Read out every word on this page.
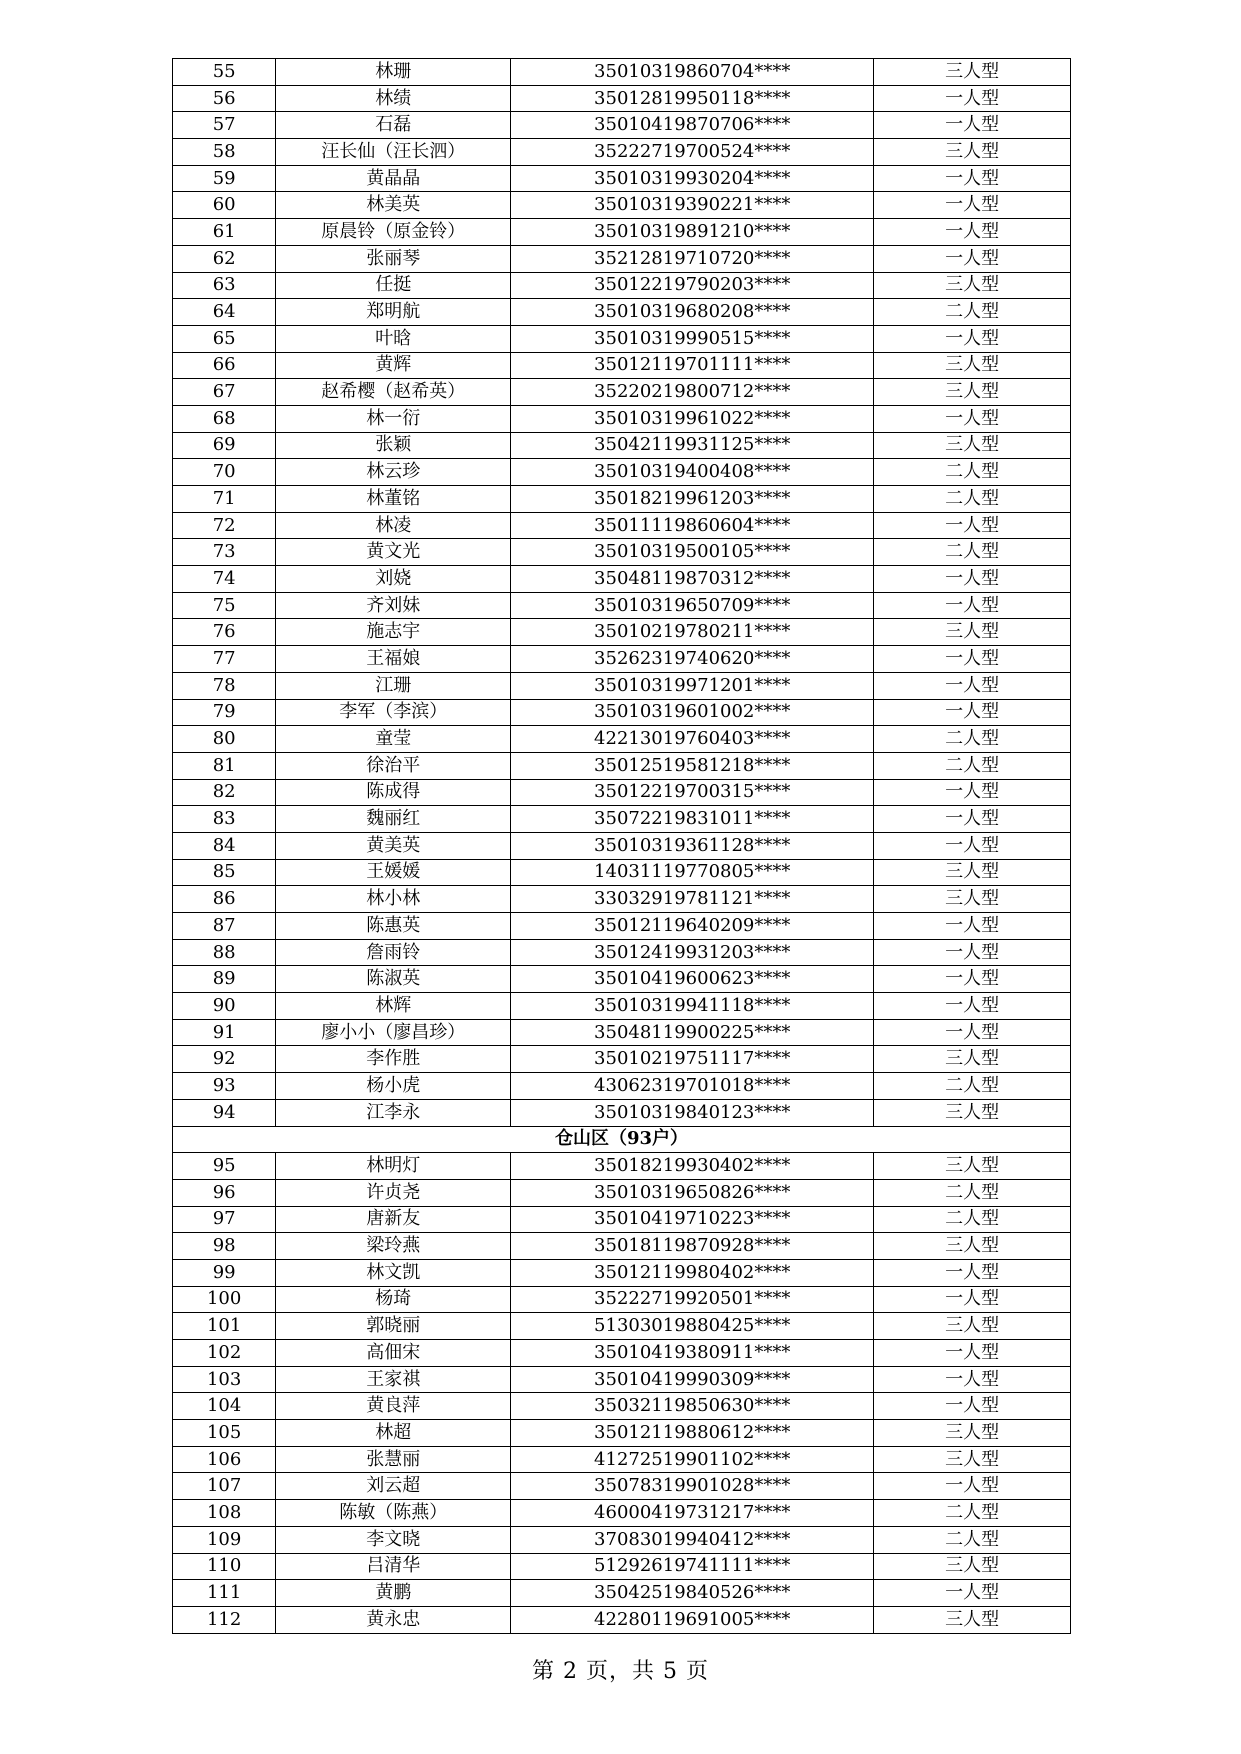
55	林珊	35010319860704****	三人型
56	林绩	35012819950118****	一人型
57	石磊	35010419870706****	一人型
58	汪长仙（汪长泗）	35222719700524****	三人型
59	黄晶晶	35010319930204****	一人型
60	林美英	35010319390221****	一人型
61	原晨铃（原金铃）	35010319891210****	一人型
62	张丽琴	35212819710720****	一人型
63	任挺	35012219790203****	三人型
64	郑明航	35010319680208****	二人型
65	叶晗	35010319990515****	一人型
66	黄辉	35012119701111****	三人型
67	赵希樱（赵希英）	35220219800712****	三人型
68	林一衍	35010319961022****	一人型
69	张颖	35042119931125****	三人型
70	林云珍	35010319400408****	二人型
71	林董铭	35018219961203****	二人型
72	林凌	35011119860604****	一人型
73	黄文光	35010319500105****	二人型
74	刘娆	35048119870312****	一人型
75	齐刘妹	35010319650709****	一人型
76	施志宇	35010219780211****	三人型
77	王福娘	35262319740620****	一人型
78	江珊	35010319971201****	一人型
79	李军（李滨）	35010319601002****	一人型
80	童莹	42213019760403****	二人型
81	徐治平	35012519581218****	二人型
82	陈成得	35012219700315****	一人型
83	魏丽红	35072219831011****	一人型
84	黄美英	35010319361128****	一人型
85	王媛媛	14031119770805****	三人型
86	林小林	33032919781121****	三人型
87	陈惠英	35012119640209****	一人型
88	詹雨铃	35012419931203****	一人型
89	陈淑英	35010419600623****	一人型
90	林辉	35010319941118****	一人型
91	廖小小（廖昌珍）	35048119900225****	一人型
92	李作胜	35010219751117****	三人型
93	杨小虎	43062319701018****	二人型
94	江李永	35010319840123****	三人型
仓山区（93户）			
95	林明灯	35018219930402****	三人型
96	许贞尧	35010319650826****	二人型
97	唐新友	35010419710223****	二人型
98	梁玲燕	35018119870928****	三人型
99	林文凯	35012119980402****	一人型
100	杨琦	35222719920501****	一人型
101	郭晓丽	51303019880425****	三人型
102	高佃宋	35010419380911****	一人型
103	王家祺	35010419990309****	一人型
104	黄良萍	35032119850630****	一人型
105	林超	35012119880612****	三人型
106	张慧丽	41272519901102****	三人型
107	刘云超	35078319901028****	一人型
108	陈敏（陈燕）	46000419731217****	二人型
109	李文晓	37083019940412****	二人型
110	吕清华	51292619741111****	三人型
111	黄鹏	35042519840526****	一人型
112	黄永忠	42280119691005****	三人型
第 2 页，共 5 页
